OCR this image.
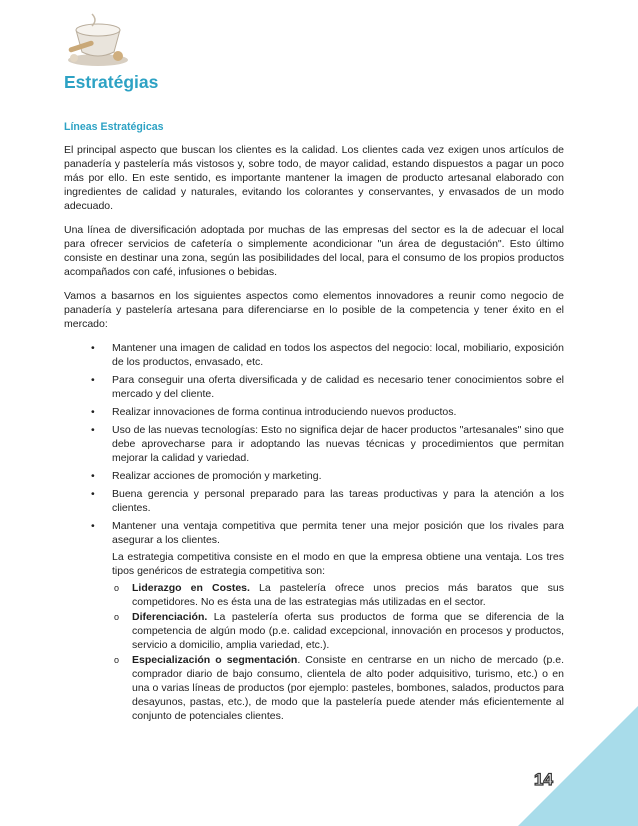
Estratégias
Líneas Estratégicas

El principal aspecto que buscan los clientes es la calidad. Los clientes cada vez exigen unos artículos de panadería y pastelería más vistosos y, sobre todo, de mayor calidad, estando dispuestos a pagar un poco más por ello. En este sentido, es importante mantener la imagen de producto artesanal elaborado con ingredientes de calidad y naturales, evitando los colorantes y conservantes, y envasados de un modo adecuado.

Una línea de diversificación adoptada por muchas de las empresas del sector es la de adecuar el local para ofrecer servicios de cafetería o simplemente acondicionar "un área de degustación". Esto último consiste en destinar una zona, según las posibilidades del local, para el consumo de los propios productos acompañados con café, infusiones o bebidas.

Vamos a basarnos en los siguientes aspectos como elementos innovadores a reunir como negocio de panadería y pastelería artesana para diferenciarse en lo posible de la competencia y tener éxito en el mercado:

• Mantener una imagen de calidad en todos los aspectos del negocio: local, mobiliario, exposición de los productos, envasado, etc.
• Para conseguir una oferta diversificada y de calidad es necesario tener conocimientos sobre el mercado y del cliente.
• Realizar innovaciones de forma continua introduciendo nuevos productos.
• Uso de las nuevas tecnologías: Esto no significa dejar de hacer productos "artesanales" sino que debe aprovecharse para ir adoptando las nuevas técnicas y procedimientos que permitan mejorar la calidad y variedad.
• Realizar acciones de promoción y marketing.
• Buena gerencia y personal preparado para las tareas productivas y para la atención a los clientes.
• Mantener una ventaja competitiva que permita tener una mejor posición que los rivales para asegurar a los clientes.
La estrategia competitiva consiste en el modo en que la empresa obtiene una ventaja. Los tres tipos genéricos de estrategia competitiva son:
o Liderazgo en Costes. La pastelería ofrece unos precios más baratos que sus competidores. No es ésta una de las estrategias más utilizadas en el sector.
o Diferenciación. La pastelería oferta sus productos de forma que se diferencia de la competencia de algún modo (p.e. calidad excepcional, innovación en procesos y productos, servicio a domicilio, amplia variedad, etc.).
o Especialización o segmentación. Consiste en centrarse en un nicho de mercado (p.e. comprador diario de bajo consumo, clientela de alto poder adquisitivo, turismo, etc.) o en una o varias líneas de productos (por ejemplo: pasteles, bombones, salados, productos para desayunos, pastas, etc.), de modo que la pastelería puede atender más eficientemente al conjunto de potenciales clientes.
14
